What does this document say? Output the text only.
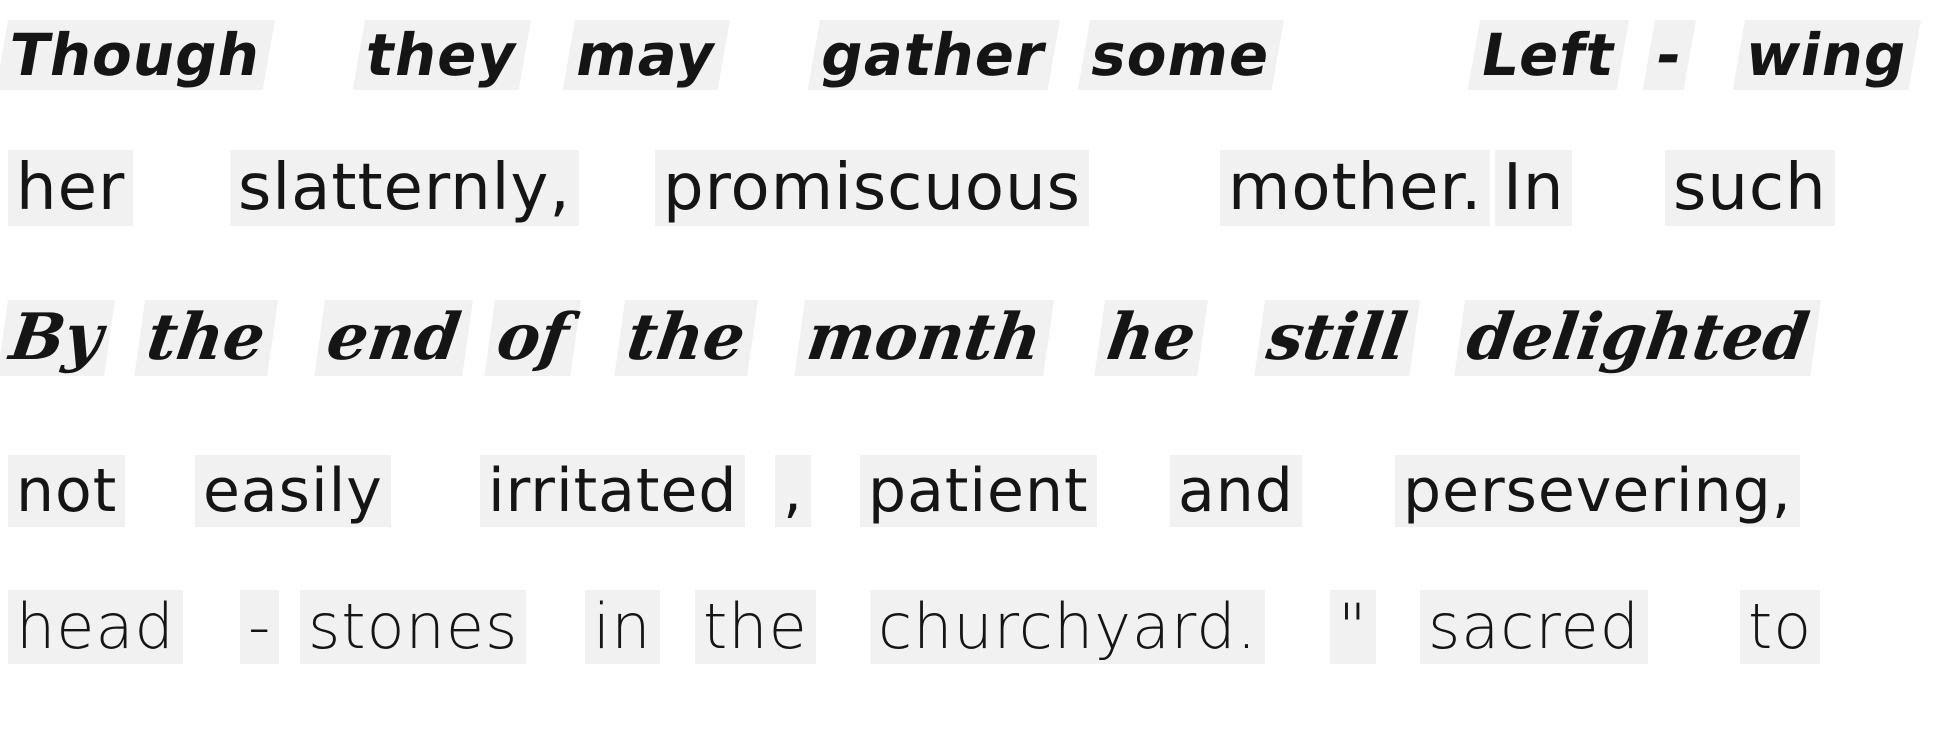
Though they may gather some	Left - wing
her slatternly, promiscuous mother. In such
By the end of the month he still delighted
not easily irritated , patient and persevering,
head - stones in the churchyard. " sacred to
